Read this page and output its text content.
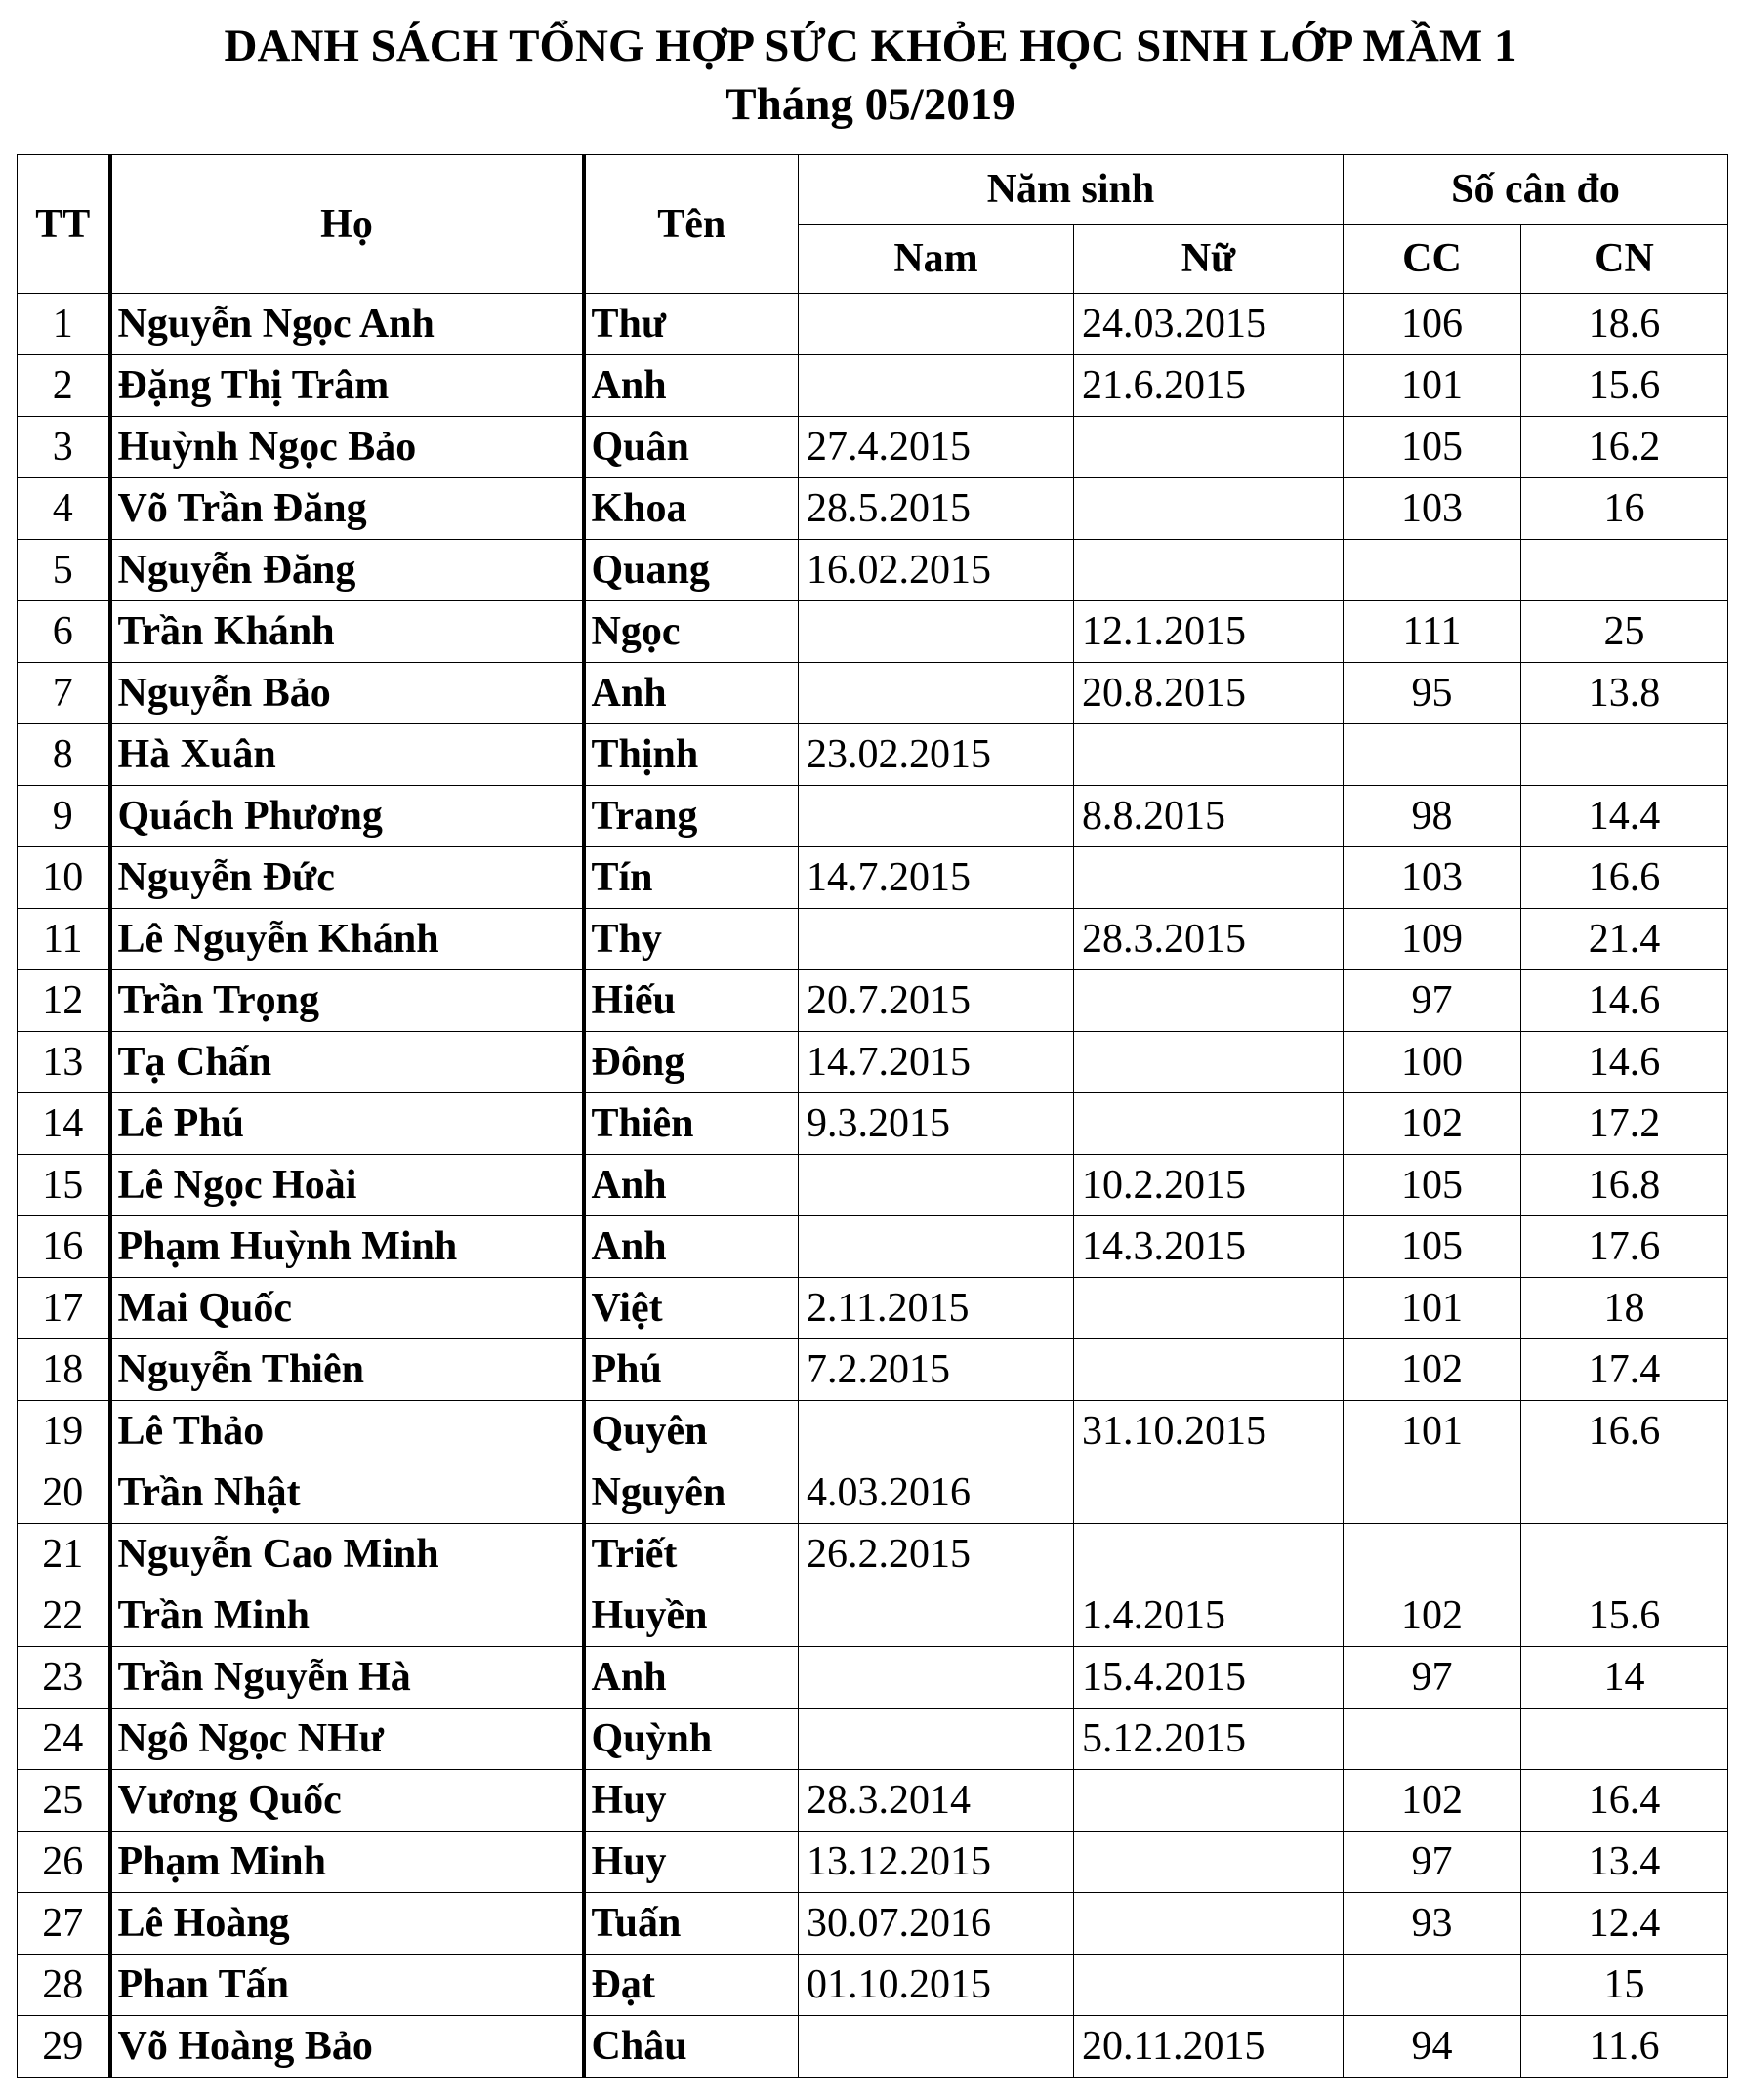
DANH SÁCH TỔNG HỢP SỨC KHỎE HỌC SINH LỚP MẦM 1
Tháng 05/2019
TT	Họ	Tên	Năm sinh		Số cân đo	
			Nam	Nữ	CC	CN
1	Nguyễn Ngọc Anh	Thư		24.03.2015	106	18.6
2	Đặng Thị Trâm	Anh		21.6.2015	101	15.6
3	Huỳnh Ngọc Bảo	Quân	27.4.2015		105	16.2
4	Võ Trần Đăng	Khoa	28.5.2015		103	16
5	Nguyễn Đăng	Quang	16.02.2015			
6	Trần Khánh	Ngọc		12.1.2015	111	25
7	Nguyễn Bảo	Anh		20.8.2015	95	13.8
8	Hà Xuân	Thịnh	23.02.2015			
9	Quách Phương	Trang		8.8.2015	98	14.4
10	Nguyễn Đức	Tín	14.7.2015		103	16.6
11	Lê Nguyễn Khánh	Thy		28.3.2015	109	21.4
12	Trần Trọng	Hiếu	20.7.2015		97	14.6
13	Tạ Chấn	Đông	14.7.2015		100	14.6
14	Lê Phú	Thiên	9.3.2015		102	17.2
15	Lê Ngọc Hoài	Anh		10.2.2015	105	16.8
16	Phạm Huỳnh Minh	Anh		14.3.2015	105	17.6
17	Mai Quốc	Việt	2.11.2015		101	18
18	Nguyễn Thiên	Phú	7.2.2015		102	17.4
19	Lê Thảo	Quyên		31.10.2015	101	16.6
20	Trần Nhật	Nguyên	4.03.2016			
21	Nguyễn Cao Minh	Triết	26.2.2015			
22	Trần Minh	Huyền		1.4.2015	102	15.6
23	Trần Nguyễn Hà	Anh		15.4.2015	97	14
24	Ngô Ngọc NHư	Quỳnh		5.12.2015		
25	Vương Quốc	Huy	28.3.2014		102	16.4
26	Phạm Minh	Huy	13.12.2015		97	13.4
27	Lê Hoàng	Tuấn	30.07.2016		93	12.4
28	Phan Tấn	Đạt	01.10.2015			15
29	Võ Hoàng Bảo	Châu		20.11.2015	94	11.6
